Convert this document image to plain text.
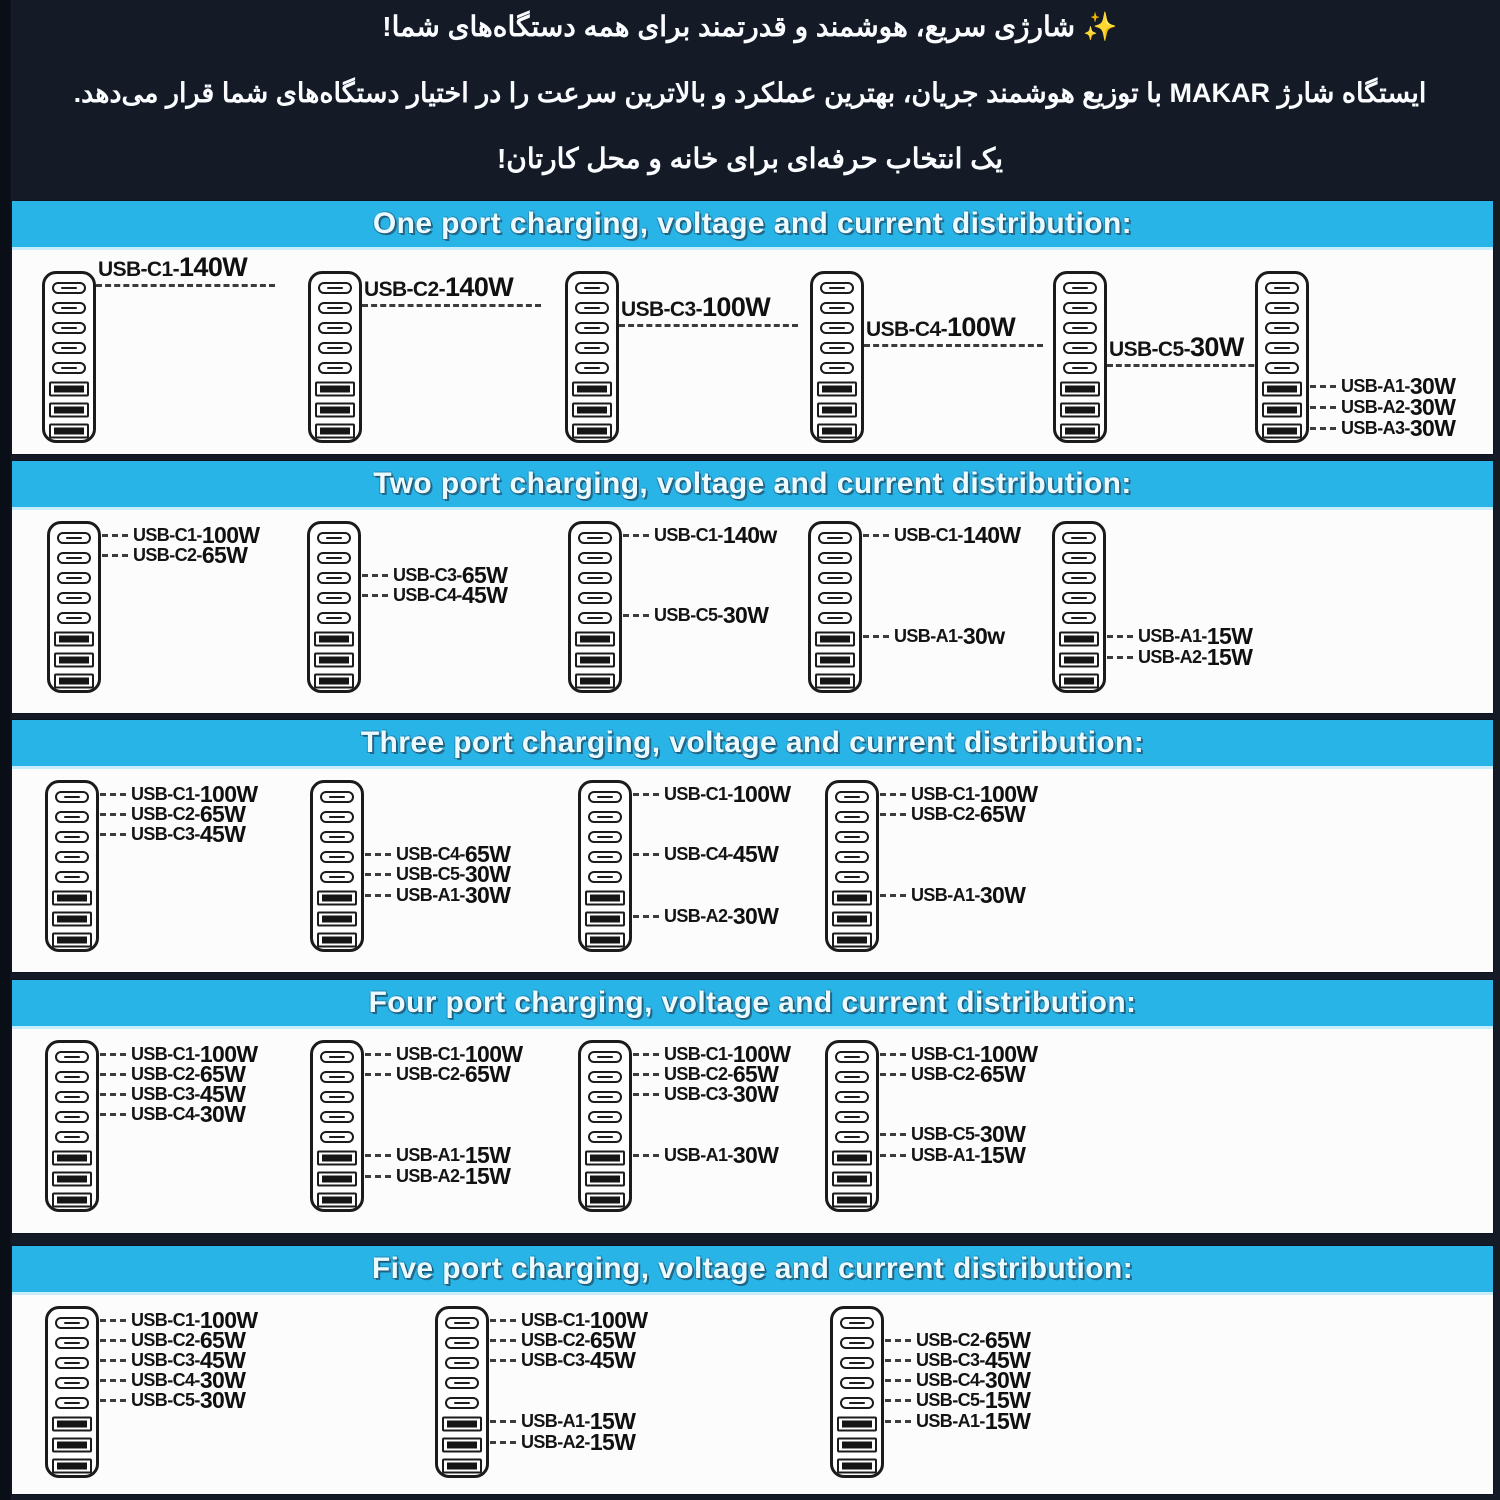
✨ شارژی سریع، هوشمند و قدرتمند برای همه دستگاه‌های شما!
ایستگاه شارژ MAKAR با توزیع هوشمند جریان، بهترین عملکرد و بالاترین سرعت را در اختیار دستگاه‌های شما قرار می‌دهد.
یک انتخاب حرفه‌ای برای خانه و محل کارتان!
One port charging, voltage and current distribution:
USB-C1-140W
USB-C2-140W
USB-C3-100W
USB-C4-100W
USB-C5-30W
USB-A1- 30W
USB-A2- 30W
USB-A3- 30W
Two port charging, voltage and current distribution:
USB-C1- 100W
USB-C2- 65W
USB-C3- 65W
USB-C4- 45W
USB-C1- 140w
USB-C5- 30W
USB-C1- 140W
USB-A1- 30w	USB-A1- 15W
USB-A2- 15W
Three port charging, voltage and current distribution:
USB-C1- 100W
USB-C2- 65W
USB-C3- 45W
USB-C4- 65W
USB-C5- 30W
USB-A1- 30W
USB-C1- 100W
USB-C4- 45W
USB-A2- 30W
USB-C1- 100W
USB-C2- 65W
USB-A1- 30W
Four port charging, voltage and current distribution:
USB-C1- 100W
USB-C2- 65W
USB-C3- 45W
USB-C4- 30W
USB-C1- 100W
USB-C2- 65W
USB-A1- 15W
USB-A2- 15W
USB-C1- 100W
USB-C2- 65W
USB-C3- 30W
USB-A1- 30W
USB-C1- 100W
USB-C2- 65W
USB-C5- 30W
USB-A1- 15W
Five port charging, voltage and current distribution:
USB-C1- 100W
USB-C2- 65W
USB-C3- 45W
USB-C4- 30W
USB-C5- 30W
USB-C1- 100W
USB-C2- 65W
USB-C3- 45W
USB-A1- 15W
USB-A2- 15W
USB-C2- 65W
USB-C3- 45W
USB-C4- 30W
USB-C5- 15W
USB-A1- 15W
